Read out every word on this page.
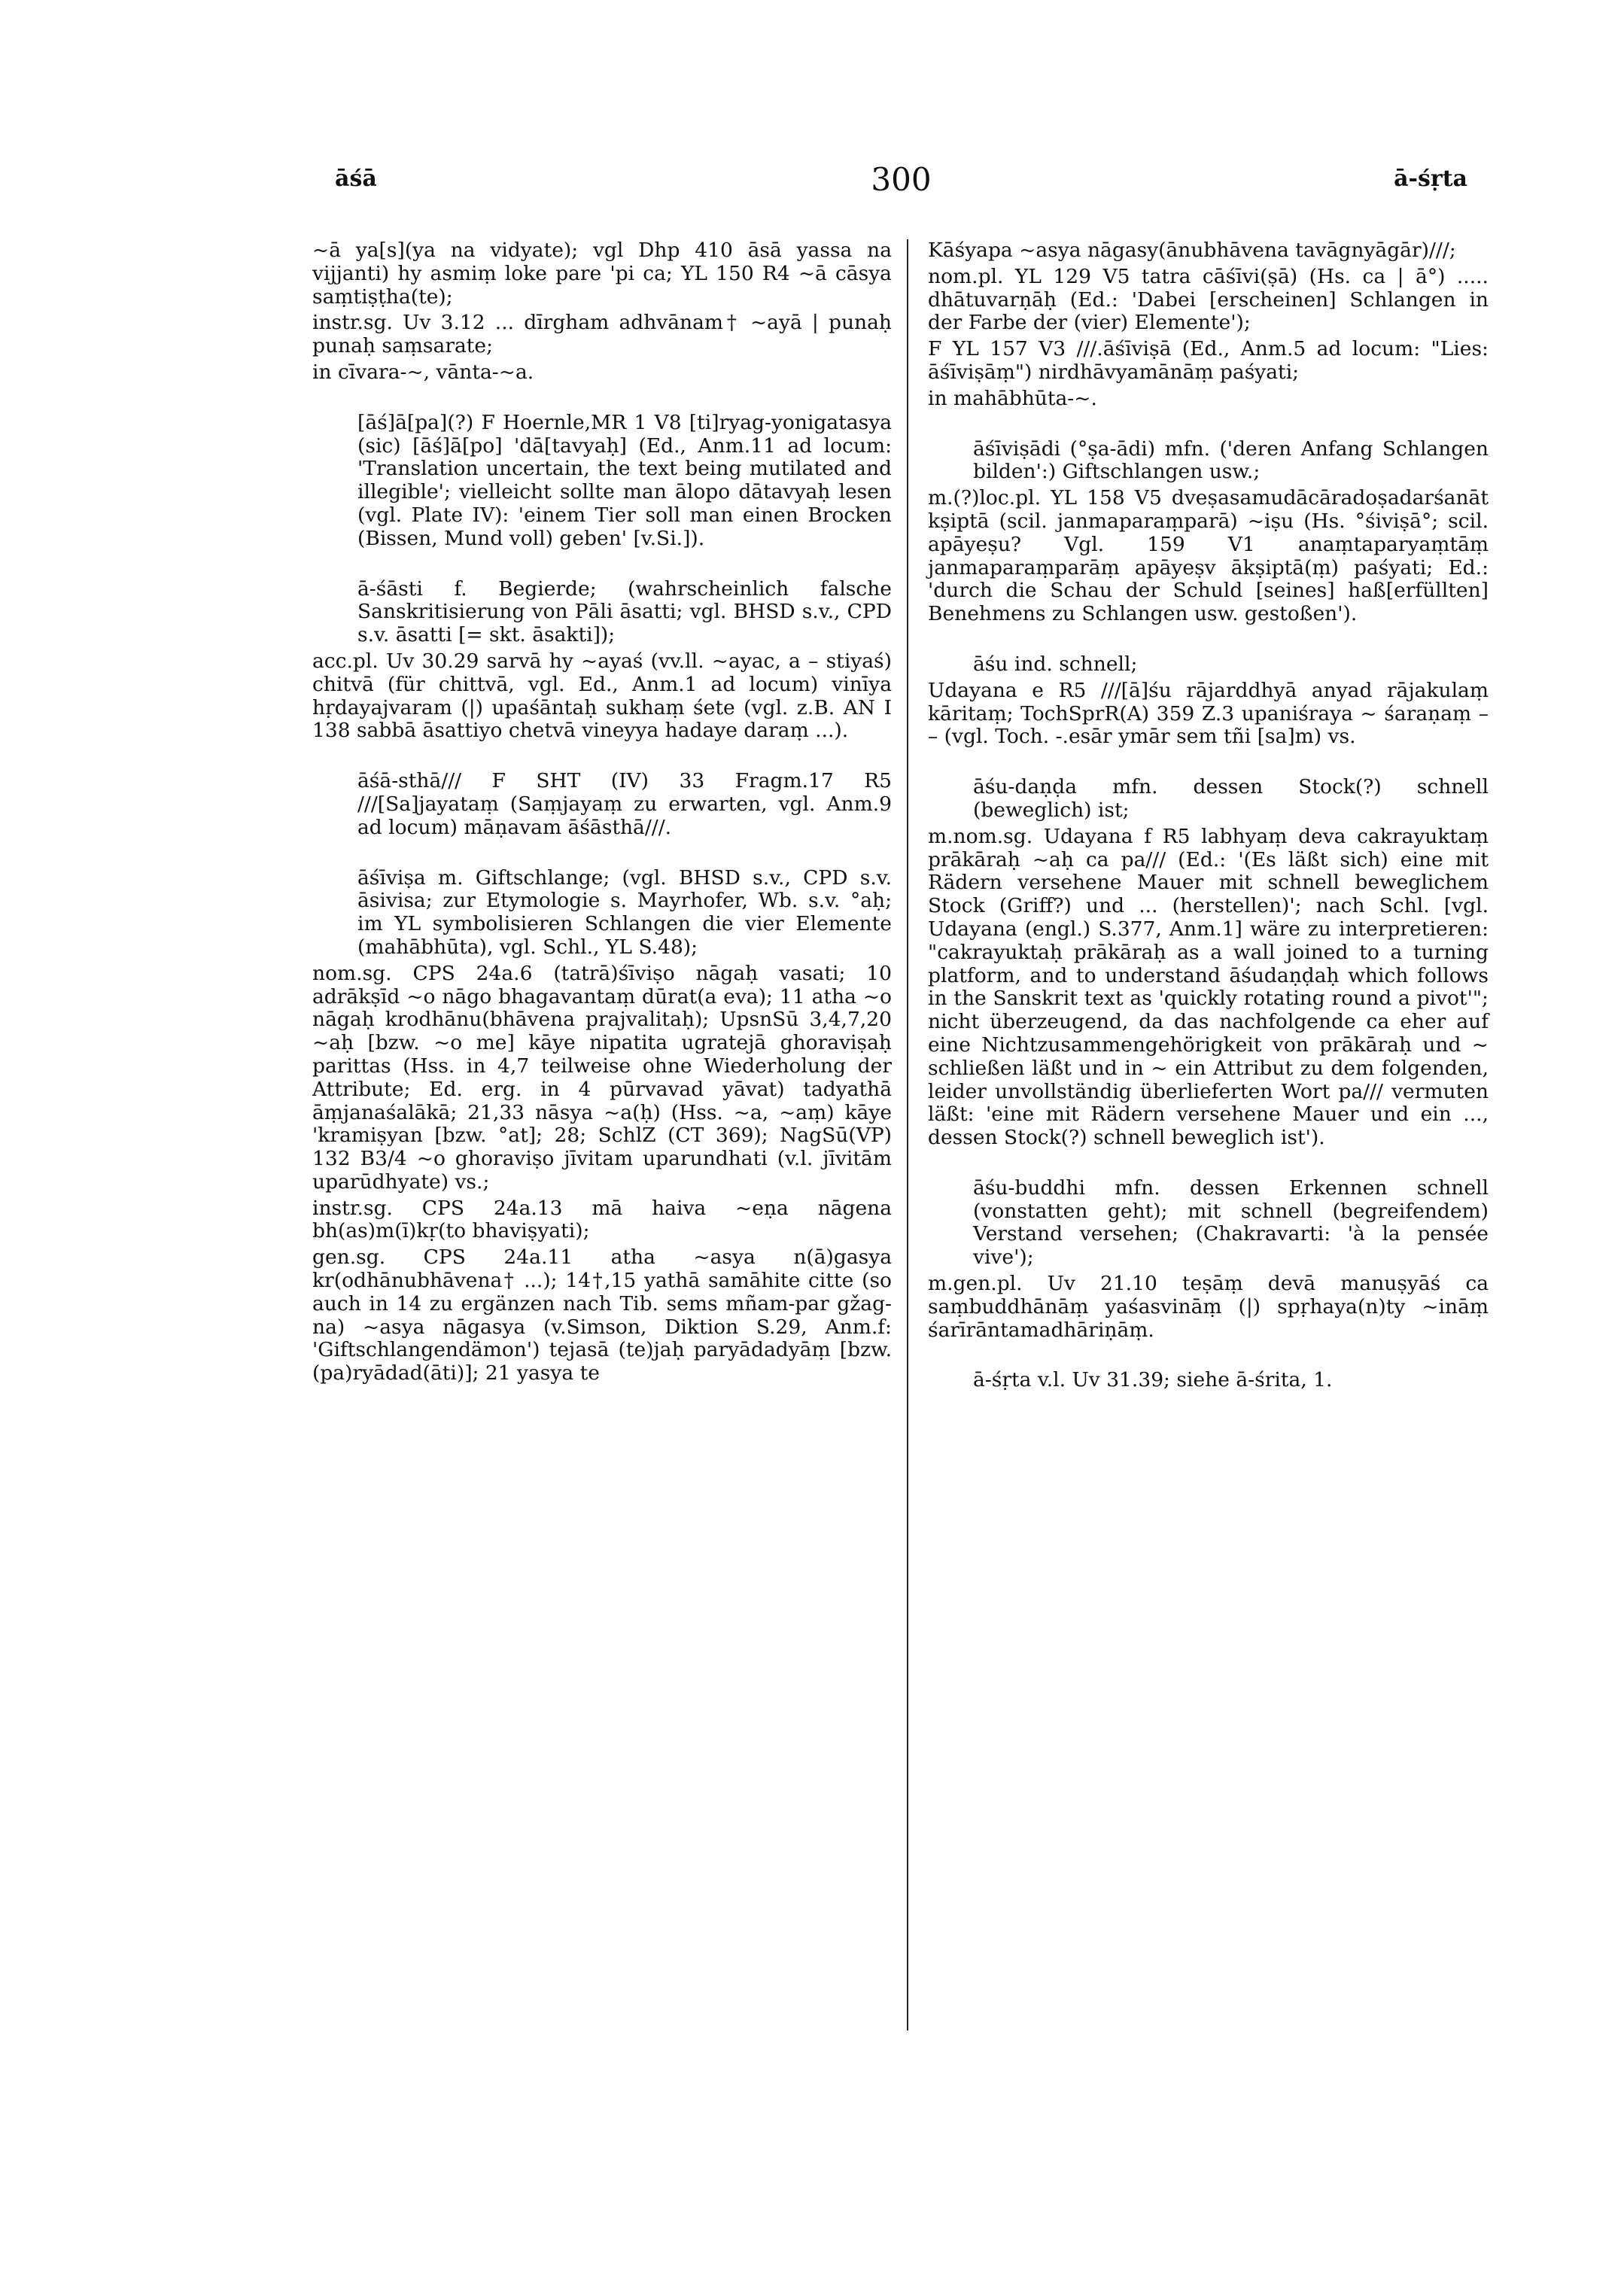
āśā	300	ā-śṛta

~ā ya[s](ya na vidyate); vgl Dhp 410 āsā yassa na vijjanti) hy asmiṃ loke pare 'pi ca; YL 150 R4 ~ā cāsya saṃtiṣṭha(te);

instr.sg. Uv 3.12 ... dīrgham adhvānam† ~ayā | punaḥ punaḥ saṃsarate;

in cīvara-~, vānta-~a.

[āś]ā[pa](?) F Hoernle,MR 1 V8 [ti]ryag-yonigatasya (sic) [āś]ā[po] 'dā[tavyaḥ] (Ed., Anm.11 ad locum: 'Translation uncertain, the text being mutilated and illegible'; vielleicht sollte man ālopo dātavyaḥ lesen (vgl. Plate IV): 'einem Tier soll man einen Brocken (Bissen, Mund voll) geben' [v.Si.]).

ā-śāsti f. Begierde; (wahrscheinlich falsche Sanskritisierung von Pāli āsatti; vgl. BHSD s.v., CPD s.v. āsatti [= skt. āsakti]);

acc.pl. Uv 30.29 sarvā hy ~ayaś (vv.ll. ~ayac, a – stiyaś) chitvā (für chittvā, vgl. Ed., Anm.1 ad locum) vinīya hṛdayajvaram (|) upaśāntaḥ sukhaṃ śete (vgl. z.B. AN I 138 sabbā āsattiyo chetvā vineyya hadaye daraṃ ...).

āśā-sthā/// F SHT (IV) 33 Fragm.17 R5 ///[Sa]jayataṃ (Saṃjayaṃ zu erwarten, vgl. Anm.9 ad locum) māṇavam āśāsthā///.

āśīviṣa m. Giftschlange; (vgl. BHSD s.v., CPD s.v. āsivisa; zur Etymologie s. Mayrhofer, Wb. s.v. °aḥ; im YL symbolisieren Schlangen die vier Elemente (mahābhūta), vgl. Schl., YL S.48);

nom.sg. CPS 24a.6 (tatrā)śīviṣo nāgaḥ vasati; 10 adrākṣīd ~o nāgo bhagavantaṃ dūrat(a eva); 11 atha ~o nāgaḥ krodhānu(bhāvena prajvalitaḥ); UpsnSū 3,4,7,20 ~aḥ [bzw. ~o me] kāye nipatita ugratejā ghoraviṣaḥ parittas (Hss. in 4,7 teilweise ohne Wiederholung der Attribute; Ed. erg. in 4 pūrvavad yāvat) tadyathā āṃjanaśalākā; 21,33 nāsya ~a(ḥ) (Hss. ~a, ~aṃ) kāye 'kramiṣyan [bzw. °at]; 28; SchlZ (CT 369); NagSū(VP) 132 B3/4 ~o ghoraviṣo jīvitam uparundhati (v.l. jīvitām uparūdhyate) vs.;

instr.sg. CPS 24a.13 mā haiva ~eṇa nāgena bh(as)m(ī)kṛ(to bhaviṣyati);

gen.sg. CPS 24a.11 atha ~asya n(ā)gasya kr(odhānubhāvena† ...); 14†,15 yathā samāhite citte (so auch in 14 zu ergänzen nach Tib. sems mñam-par gžag-na) ~asya nāgasya (v.Simson, Diktion S.29, Anm.f: 'Giftschlangendämon') tejasā (te)jaḥ paryādadyāṃ [bzw. (pa)ryādad(āti)]; 21 yasya te

Kāśyapa ~asya nāgasy(ānubhāvena tavāgnyāgār)///;

nom.pl. YL 129 V5 tatra cāśīvi(ṣā) (Hs. ca | ā°) ..... dhātuvarṇāḥ (Ed.: 'Dabei [erscheinen] Schlangen in der Farbe der (vier) Elemente');

F YL 157 V3 ///.āśīviṣā (Ed., Anm.5 ad locum: "Lies: āśīviṣāṃ") nirdhāvyamānāṃ paśyati;

in mahābhūta-~.

āśīviṣādi (°ṣa-ādi) mfn. ('deren Anfang Schlangen bilden':) Giftschlangen usw.;

m.(?)loc.pl. YL 158 V5 dveṣasamudācāradoṣadarśanāt kṣiptā (scil. janmaparaṃparā) ~iṣu (Hs. °śiviṣā°; scil. apāyeṣu? Vgl. 159 V1 anaṃtaparyaṃtāṃ janmaparaṃparāṃ apāyeṣv ākṣiptā(ṃ) paśyati; Ed.: 'durch die Schau der Schuld [seines] haß[erfüllten] Benehmens zu Schlangen usw. gestoßen').

āśu ind. schnell;

Udayana e R5 ///[ā]śu rājarddhyā anyad rājakulaṃ kāritaṃ; TochSprR(A) 359 Z.3 upaniśraya ~ śaraṇaṃ – – (vgl. Toch. -.esār ymār sem tñi [sa]m) vs.

āśu-daṇḍa mfn. dessen Stock(?) schnell (beweglich) ist;

m.nom.sg. Udayana f R5 labhyaṃ deva cakrayuktaṃ prākāraḥ ~aḥ ca pa/// (Ed.: '(Es läßt sich) eine mit Rädern versehene Mauer mit schnell beweglichem Stock (Griff?) und ... (herstellen)'; nach Schl. [vgl. Udayana (engl.) S.377, Anm.1] wäre zu interpretieren: "cakrayuktaḥ prākāraḥ as a wall joined to a turning platform, and to understand āśudaṇḍaḥ which follows in the Sanskrit text as 'quickly rotating round a pivot'"; nicht überzeugend, da das nachfolgende ca eher auf eine Nichtzusammengehörigkeit von prākāraḥ und ~ schließen läßt und in ~ ein Attribut zu dem folgenden, leider unvollständig überlieferten Wort pa/// vermuten läßt: 'eine mit Rädern versehene Mauer und ein ..., dessen Stock(?) schnell beweglich ist').

āśu-buddhi mfn. dessen Erkennen schnell (vonstatten geht); mit schnell (begreifendem) Verstand versehen; (Chakravarti: 'à la pensée vive');

m.gen.pl. Uv 21.10 teṣāṃ devā manuṣyāś ca saṃbuddhānāṃ yaśasvināṃ (|) spṛhaya(n)ty ~ināṃ śarīrāntamadhāriṇāṃ.

ā-śṛta v.l. Uv 31.39; siehe ā-śrita, 1.
